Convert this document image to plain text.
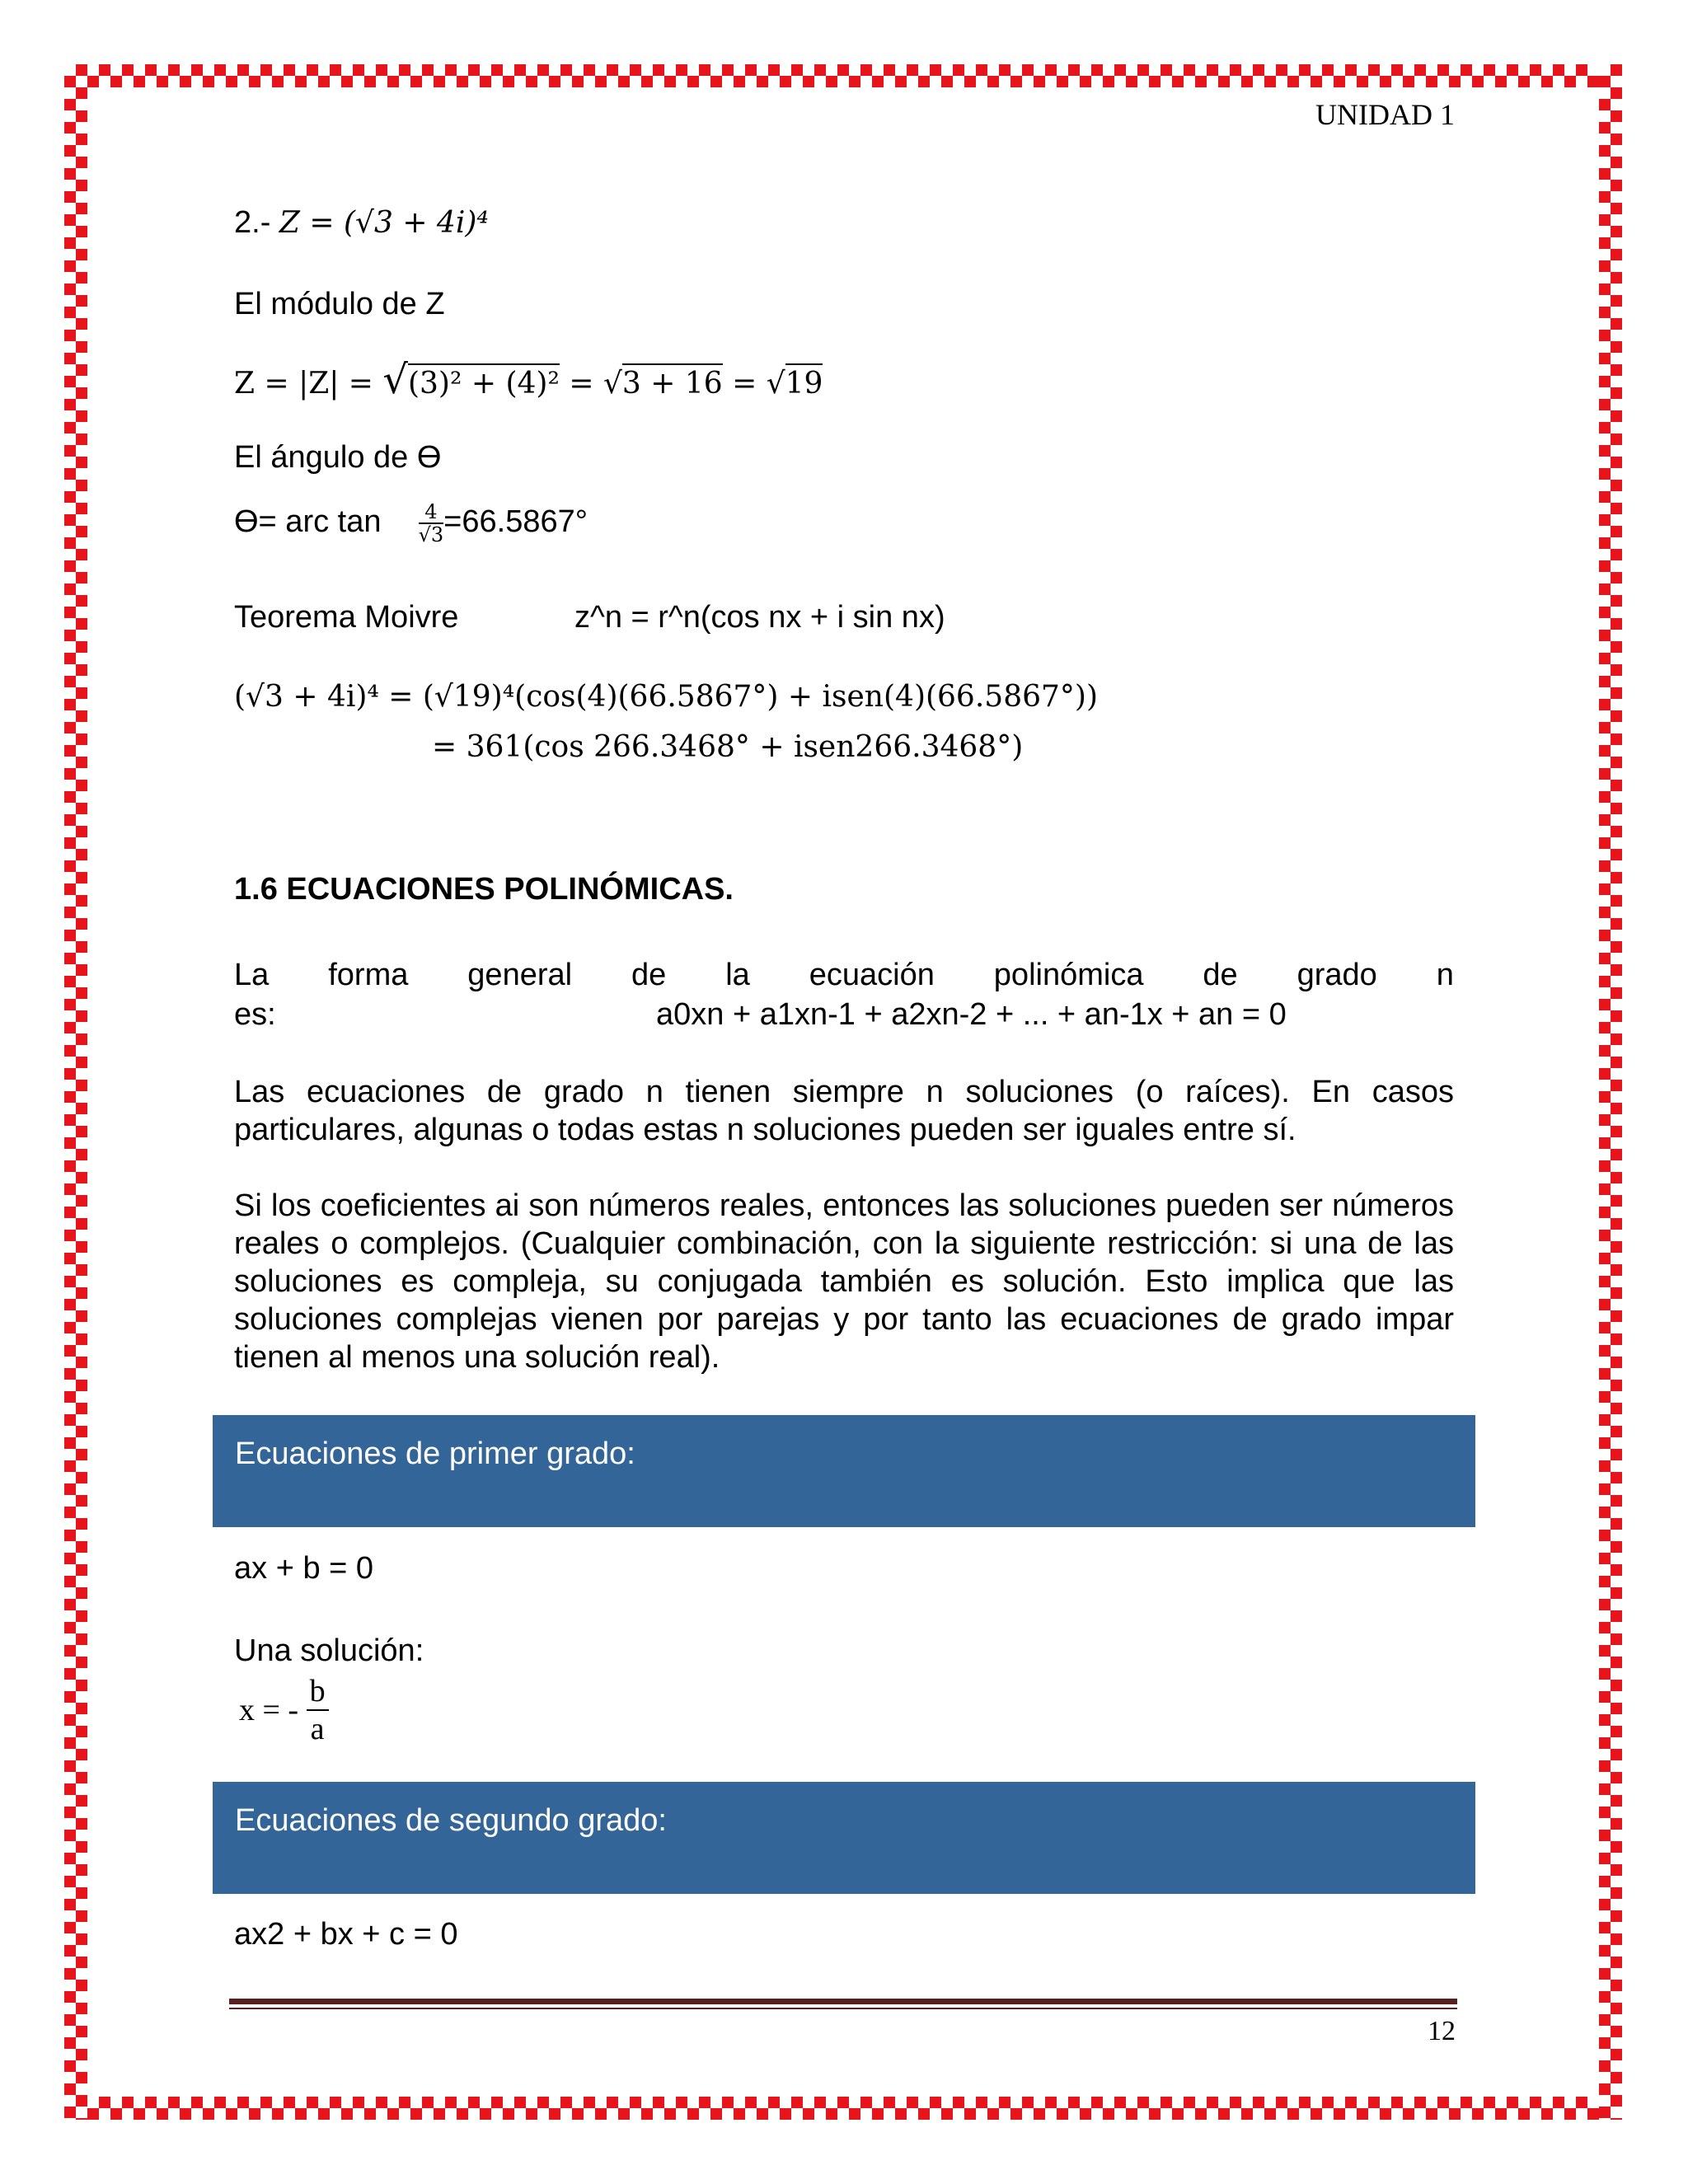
UNIDAD 1
2.- Z = (√3 + 4i)⁴
El módulo de Z
Z = |Z| = √(3)² + (4)² = √3 + 16 = √19
El ángulo de Ɵ
Ɵ= arc $\tan \frac{4}{√3} =66.5867^\circ$
Teorema Moivre	z^n = r^n(cos nx + i sin nx)
(√3 + 4i)⁴ = (√19)⁴(cos(4)(66.5867°) + isen(4)(66.5867°))
= 361(cos 266.3468° + isen266.3468°)
1.6 ECUACIONES POLINÓMICAS.
La forma general de la ecuación polinómica de grado n
es:	a0xn + a1xn-1 + a2xn-2 + ... + an-1x + an = 0
Las ecuaciones de grado n tienen siempre n soluciones (o raíces). En casos particulares, algunas o todas estas n soluciones pueden ser iguales entre sí.
Si los coeficientes ai son números reales, entonces las soluciones pueden ser números reales o complejos. (Cualquier combinación, con la siguiente restricción: si una de las soluciones es compleja, su conjugada también es solución. Esto implica que las soluciones complejas vienen por parejas y por tanto las ecuaciones de grado impar tienen al menos una solución real).
Ecuaciones de primer grado:
ax + b = 0
Una solución:
x = - $\frac{b}{a}$
Ecuaciones de segundo grado:
ax2 + bx + c = 0
12
